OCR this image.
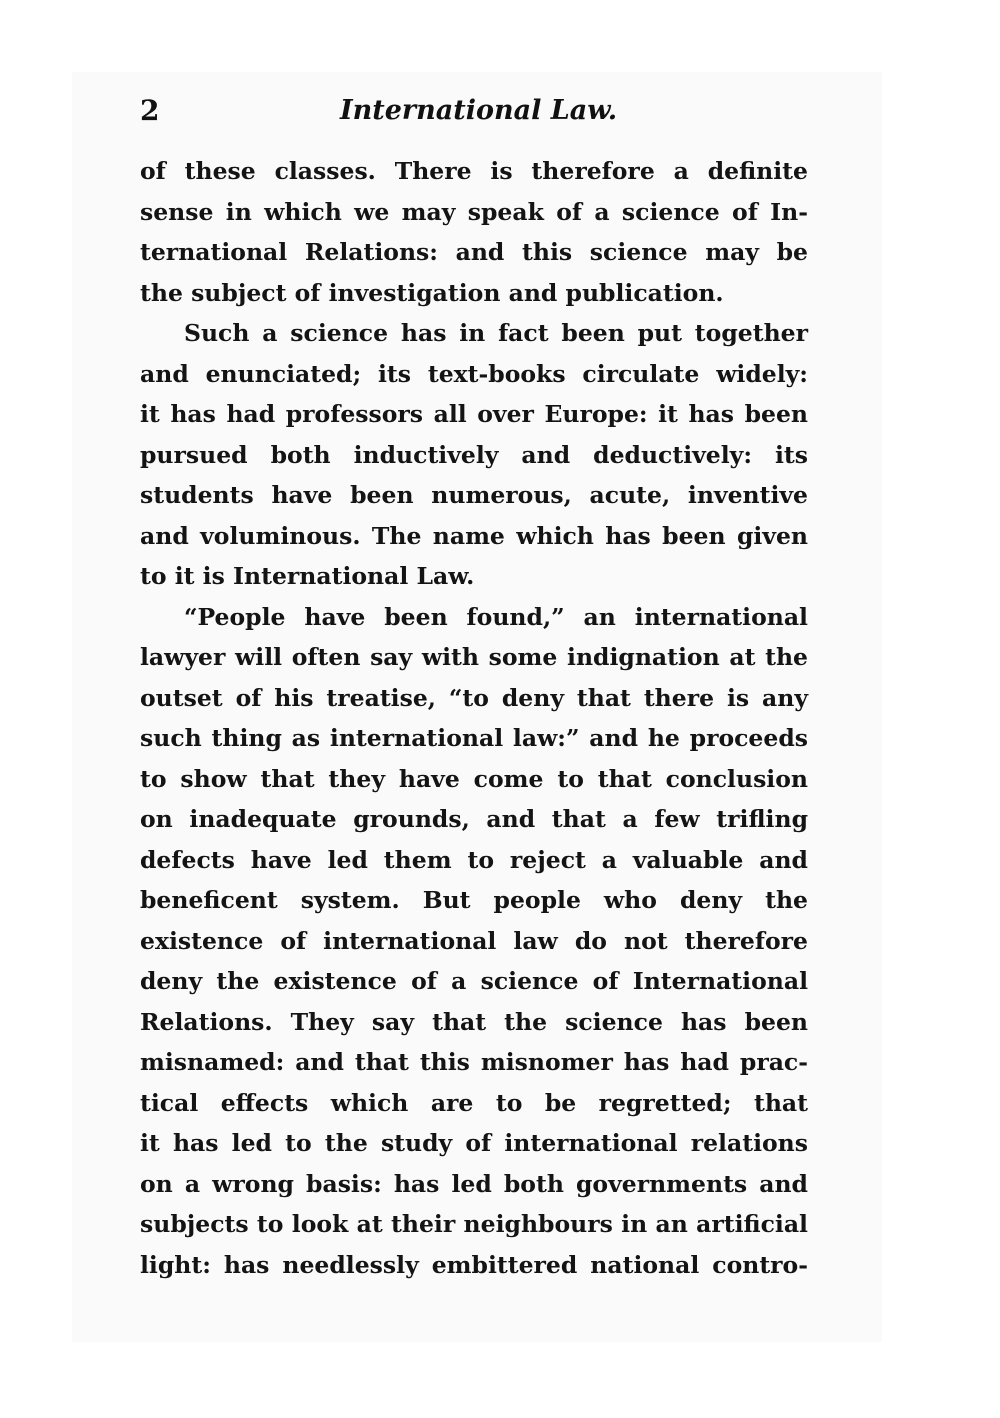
2	International Law.
of these classes. There is therefore a definite
sense in which we may speak of a science of In-
ternational Relations: and this science may be
the subject of investigation and publication.
Such a science has in fact been put together
and enunciated; its text-books circulate widely:
it has had professors all over Europe: it has been
pursued both inductively and deductively: its
students have been numerous, acute, inventive
and voluminous. The name which has been given
to it is International Law.
“People have been found,” an international
lawyer will often say with some indignation at the
outset of his treatise, “to deny that there is any
such thing as international law:” and he proceeds
to show that they have come to that conclusion
on inadequate grounds, and that a few trifling
defects have led them to reject a valuable and
beneficent system. But people who deny the
existence of international law do not therefore
deny the existence of a science of International
Relations. They say that the science has been
misnamed: and that this misnomer has had prac-
tical effects which are to be regretted; that
it has led to the study of international relations
on a wrong basis: has led both governments and
subjects to look at their neighbours in an artificial
light: has needlessly embittered national contro-
